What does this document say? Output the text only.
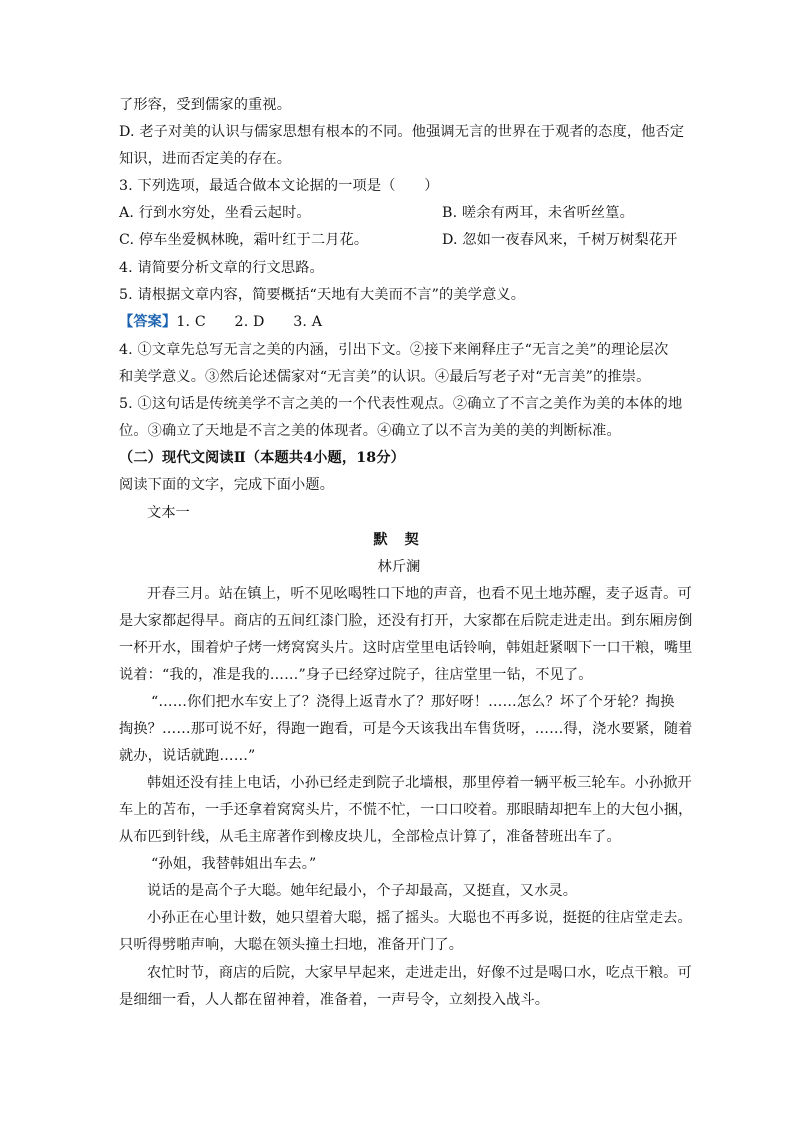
了形容，受到儒家的重视。
D. 老子对美的认识与儒家思想有根本的不同。他强调无言的世界在于观者的态度，他否定
知识，进而否定美的存在。
3. 下列选项，最适合做本文论据的一项是（　　）
A. 行到水穷处，坐看云起时。	B. 嗟余有两耳，未省听丝篁。
C. 停车坐爱枫林晚，霜叶红于二月花。	D. 忽如一夜春风来，千树万树梨花开
4. 请简要分析文章的行文思路。
5. 请根据文章内容，简要概括“天地有大美而不言”的美学意义。
【答案】1. C　　2. D　　3. A
4. ①文章先总写无言之美的内涵，引出下文。②接下来阐释庄子“无言之美”的理论层次
和美学意义。③然后论述儒家对“无言美”的认识。④最后写老子对“无言美”的推崇。
5. ①这句话是传统美学不言之美的一个代表性观点。②确立了不言之美作为美的本体的地
位。③确立了天地是不言之美的体现者。④确立了以不言为美的美的判断标准。
（二）现代文阅读Ⅱ（本题共4小题，18分）
阅读下面的文字，完成下面小题。
文本一
默 契
林斤澜
开春三月。站在镇上，听不见吆喝牲口下地的声音，也看不见土地苏醒，麦子返青。可
是大家都起得早。商店的五间红漆门脸，还没有打开，大家都在后院走进走出。到东厢房倒
一杯开水，围着炉子烤一烤窝窝头片。这时店堂里电话铃响，韩姐赶紧咽下一口干粮，嘴里
说着：“我的，准是我的……”身子已经穿过院子，往店堂里一钻，不见了。
“……你们把水车安上了？浇得上返青水了？那好呀！……怎么？坏了个牙轮？掏换
掏换？……那可说不好，得跑一跑看，可是今天该我出车售货呀，……得，浇水要紧，随着
就办，说话就跑……”
韩姐还没有挂上电话，小孙已经走到院子北墙根，那里停着一辆平板三轮车。小孙掀开
车上的苫布，一手还拿着窝窝头片，不慌不忙，一口口咬着。那眼睛却把车上的大包小捆，
从布匹到针线，从毛主席著作到橡皮块儿，全部检点计算了，准备替班出车了。
“孙姐，我替韩姐出车去。”
说话的是高个子大聪。她年纪最小，个子却最高，又挺直，又水灵。
小孙正在心里计数，她只望着大聪，摇了摇头。大聪也不再多说，挺挺的往店堂走去。
只听得劈啪声响，大聪在领头撞土扫地，准备开门了。
农忙时节，商店的后院，大家早早起来，走进走出，好像不过是喝口水，吃点干粮。可
是细细一看，人人都在留神着，准备着，一声号令，立刻投入战斗。
